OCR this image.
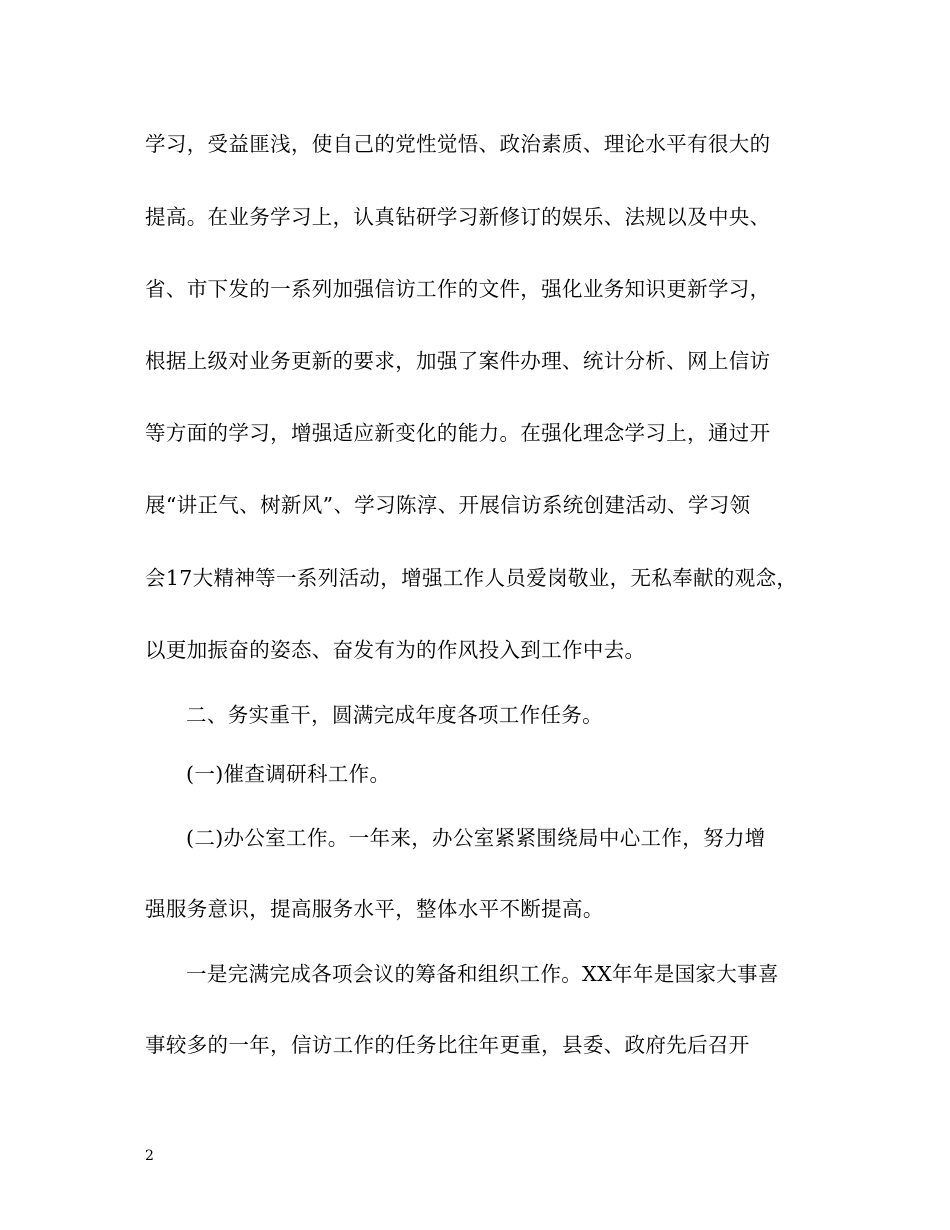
学习，受益匪浅，使自己的党性觉悟、政治素质、理论水平有很大的
提高。在业务学习上，认真钻研学习新修订的娱乐、法规以及中央、
省、市下发的一系列加强信访工作的文件，强化业务知识更新学习，
根据上级对业务更新的要求，加强了案件办理、统计分析、网上信访
等方面的学习，增强适应新变化的能力。在强化理念学习上，通过开
展“讲正气、树新风”、学习陈淳、开展信访系统创建活动、学习领
会17大精神等一系列活动，增强工作人员爱岗敬业，无私奉献的观念，
以更加振奋的姿态、奋发有为的作风投入到工作中去。
二、务实重干，圆满完成年度各项工作任务。
(一)催查调研科工作。
(二)办公室工作。一年来，办公室紧紧围绕局中心工作，努力增
强服务意识，提高服务水平，整体水平不断提高。
一是完满完成各项会议的筹备和组织工作。XX年年是国家大事喜
事较多的一年，信访工作的任务比往年更重，县委、政府先后召开
2
